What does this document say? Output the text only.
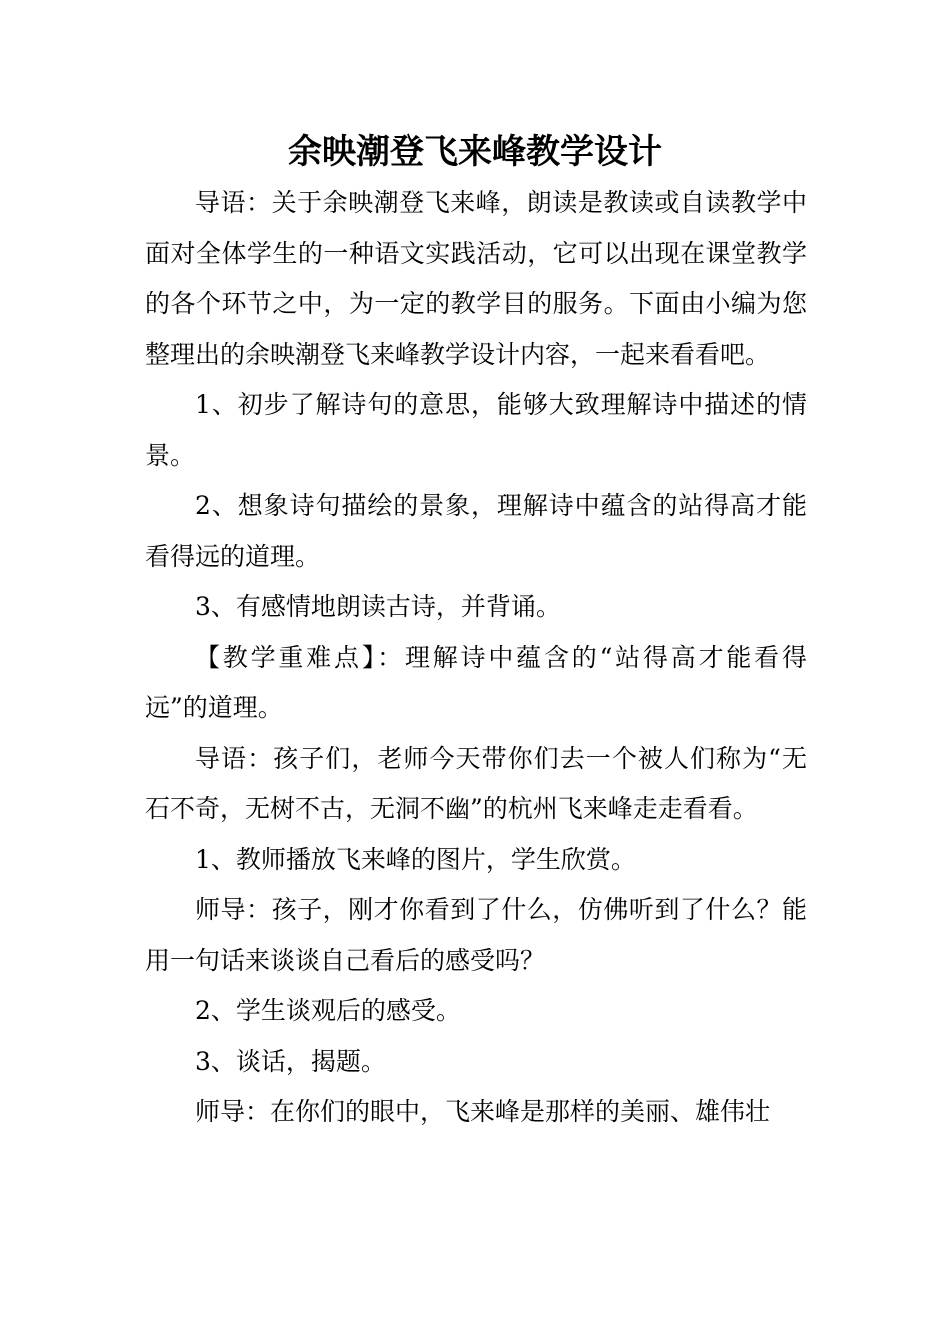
余映潮登飞来峰教学设计

导语：关于余映潮登飞来峰，朗读是教读或自读教学中面对全体学生的一种语文实践活动，它可以出现在课堂教学的各个环节之中，为一定的教学目的服务。下面由小编为您整理出的余映潮登飞来峰教学设计内容，一起来看看吧。

1、初步了解诗句的意思，能够大致理解诗中描述的情景。

2、想象诗句描绘的景象，理解诗中蕴含的站得高才能看得远的道理。

3、有感情地朗读古诗，并背诵。

【教学重难点】：理解诗中蕴含的“站得高才能看得远”的道理。

导语：孩子们，老师今天带你们去一个被人们称为“无石不奇，无树不古，无洞不幽”的杭州飞来峰走走看看。

1、教师播放飞来峰的图片，学生欣赏。

师导：孩子，刚才你看到了什么，仿佛听到了什么？能用一句话来谈谈自己看后的感受吗？

2、学生谈观后的感受。

3、谈话，揭题。

师导：在你们的眼中，飞来峰是那样的美丽、雄伟壮
